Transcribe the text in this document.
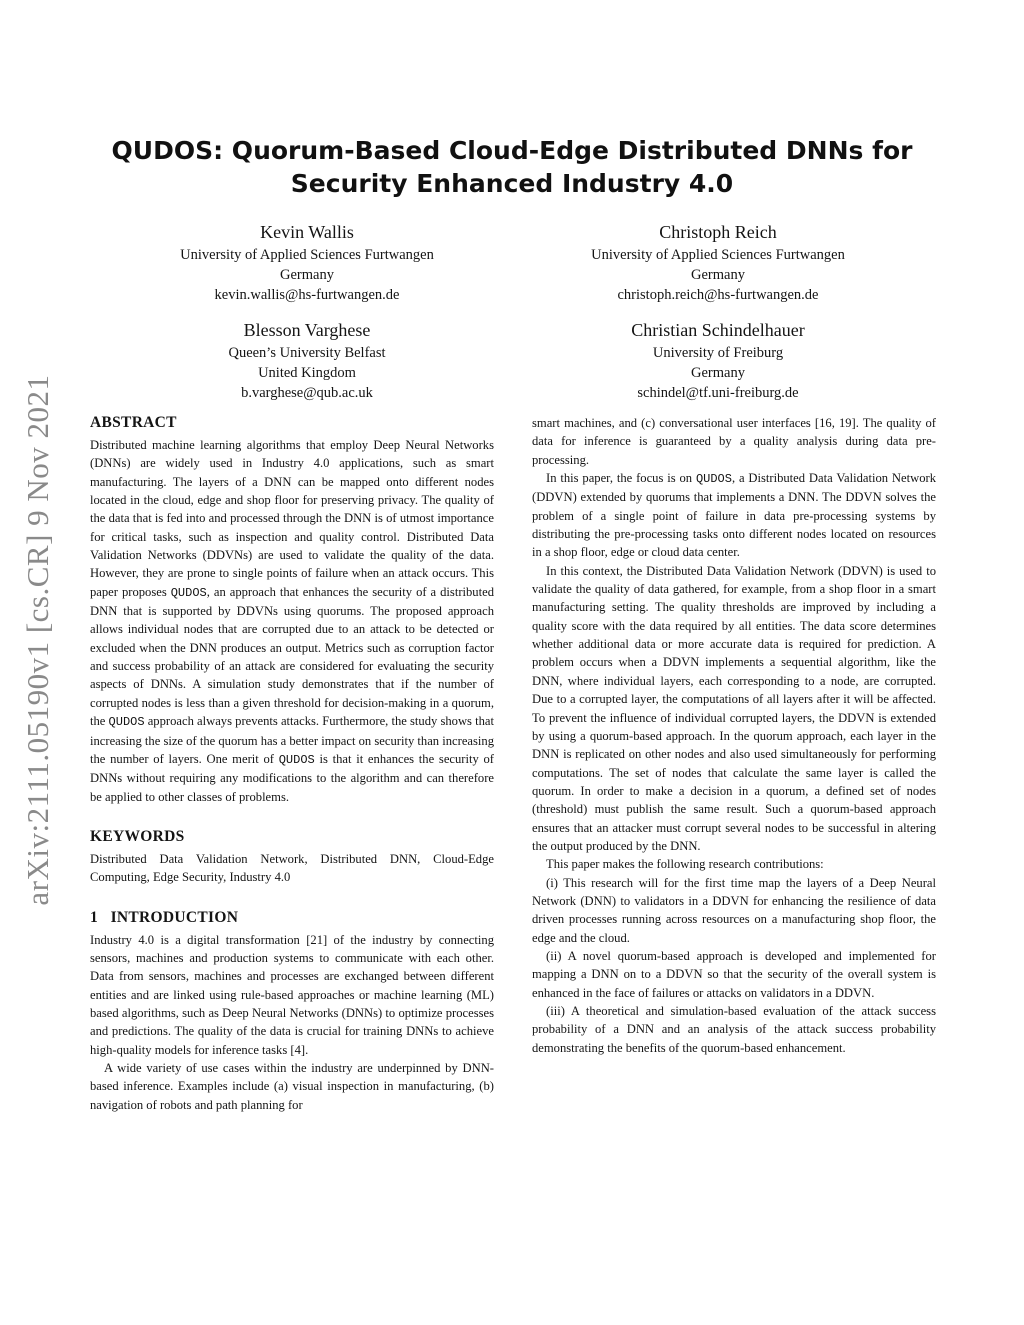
arXiv:2111.05190v1 [cs.CR] 9 Nov 2021
QUDOS: Quorum-Based Cloud-Edge Distributed DNNs for Security Enhanced Industry 4.0
Kevin Wallis
University of Applied Sciences Furtwangen
Germany
kevin.wallis@hs-furtwangen.de
Christoph Reich
University of Applied Sciences Furtwangen
Germany
christoph.reich@hs-furtwangen.de
Blesson Varghese
Queen’s University Belfast
United Kingdom
b.varghese@qub.ac.uk
Christian Schindelhauer
University of Freiburg
Germany
schindel@tf.uni-freiburg.de
ABSTRACT

Distributed machine learning algorithms that employ Deep Neural Networks (DNNs) are widely used in Industry 4.0 applications, such as smart manufacturing. The layers of a DNN can be mapped onto different nodes located in the cloud, edge and shop floor for preserving privacy. The quality of the data that is fed into and processed through the DNN is of utmost importance for critical tasks, such as inspection and quality control. Distributed Data Validation Networks (DDVNs) are used to validate the quality of the data. However, they are prone to single points of failure when an attack occurs. This paper proposes QUDOS, an approach that enhances the security of a distributed DNN that is supported by DDVNs using quorums. The proposed approach allows individual nodes that are corrupted due to an attack to be detected or excluded when the DNN produces an output. Metrics such as corruption factor and success probability of an attack are considered for evaluating the security aspects of DNNs. A simulation study demonstrates that if the number of corrupted nodes is less than a given threshold for decision-making in a quorum, the QUDOS approach always prevents attacks. Furthermore, the study shows that increasing the size of the quorum has a better impact on security than increasing the number of layers. One merit of QUDOS is that it enhances the security of DNNs without requiring any modifications to the algorithm and can therefore be applied to other classes of problems.

KEYWORDS

Distributed Data Validation Network, Distributed DNN, Cloud-Edge Computing, Edge Security, Industry 4.0

1   INTRODUCTION

Industry 4.0 is a digital transformation [21] of the industry by connecting sensors, machines and production systems to communicate with each other. Data from sensors, machines and processes are exchanged between different entities and are linked using rule-based approaches or machine learning (ML) based algorithms, such as Deep Neural Networks (DNNs) to optimize processes and predictions. The quality of the data is crucial for training DNNs to achieve high-quality models for inference tasks [4].

A wide variety of use cases within the industry are underpinned by DNN-based inference. Examples include (a) visual inspection in manufacturing, (b) navigation of robots and path planning for

smart machines, and (c) conversational user interfaces [16, 19]. The quality of data for inference is guaranteed by a quality analysis during data pre-processing.

In this paper, the focus is on QUDOS, a Distributed Data Validation Network (DDVN) extended by quorums that implements a DNN. The DDVN solves the problem of a single point of failure in data pre-processing systems by distributing the pre-processing tasks onto different nodes located on resources in a shop floor, edge or cloud data center.

In this context, the Distributed Data Validation Network (DDVN) is used to validate the quality of data gathered, for example, from a shop floor in a smart manufacturing setting. The quality thresholds are improved by including a quality score with the data required by all entities. The data score determines whether additional data or more accurate data is required for prediction. A problem occurs when a DDVN implements a sequential algorithm, like the DNN, where individual layers, each corresponding to a node, are corrupted. Due to a corrupted layer, the computations of all layers after it will be affected. To prevent the influence of individual corrupted layers, the DDVN is extended by using a quorum-based approach. In the quorum approach, each layer in the DNN is replicated on other nodes and also used simultaneously for performing computations. The set of nodes that calculate the same layer is called the quorum. In order to make a decision in a quorum, a defined set of nodes (threshold) must publish the same result. Such a quorum-based approach ensures that an attacker must corrupt several nodes to be successful in altering the output produced by the DNN.

This paper makes the following research contributions:

(i) This research will for the first time map the layers of a Deep Neural Network (DNN) to validators in a DDVN for enhancing the resilience of data driven processes running across resources on a manufacturing shop floor, the edge and the cloud.

(ii) A novel quorum-based approach is developed and implemented for mapping a DNN on to a DDVN so that the security of the overall system is enhanced in the face of failures or attacks on validators in a DDVN.

(iii) A theoretical and simulation-based evaluation of the attack success probability of a DNN and an analysis of the attack success probability demonstrating the benefits of the quorum-based enhancement.
